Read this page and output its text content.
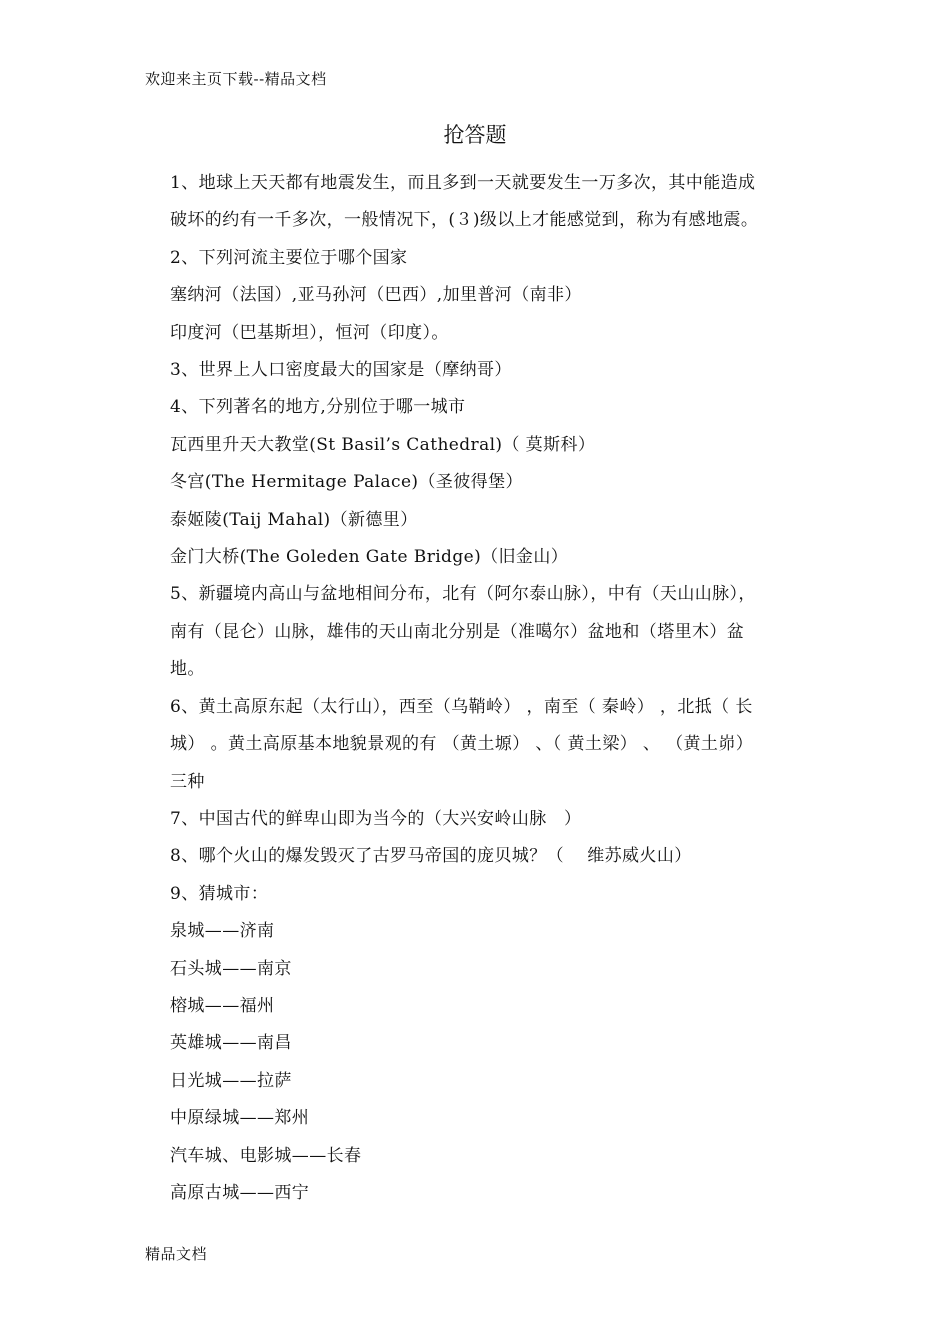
欢迎来主页下载--精品文档
抢答题
1、地球上天天都有地震发生，而且多到一天就要发生一万多次，其中能造成
破坏的约有一千多次，一般情况下，(３)级以上才能感觉到，称为有感地震。
2、下列河流主要位于哪个国家
塞纳河（法国）,亚马孙河（巴西）,加里普河（南非）
印度河（巴基斯坦），恒河（印度）。
3、世界上人口密度最大的国家是（摩纳哥）
4、下列著名的地方,分别位于哪一城市
瓦西里升天大教堂(St Basil’s Cathedral)（ 莫斯科）
冬宫(The Hermitage Palace)（圣彼得堡）
泰姬陵(Taij Mahal)（新德里）
金门大桥(The Goleden Gate Bridge)（旧金山）
5、新疆境内高山与盆地相间分布，北有（阿尔泰山脉），中有（天山山脉），
南有（昆仑）山脉，雄伟的天山南北分别是（准噶尔）盆地和（塔里木）盆
地。
6、黄土高原东起（太行山），西至（乌鞘岭） ，南至（ 秦岭） ，北抵（ 长
城） 。黄土高原基本地貌景观的有 （黄土塬） 、（ 黄土梁） 、 （黄土峁）
三种
7、中国古代的鲜卑山即为当今的（大兴安岭山脉　）
8、哪个火山的爆发毁灭了古罗马帝国的庞贝城？（　 维苏威火山）
9、猜城市：
泉城——济南
石头城——南京
榕城——福州
英雄城——南昌
日光城——拉萨
中原绿城——郑州
汽车城、电影城——长春
高原古城——西宁
精品文档
